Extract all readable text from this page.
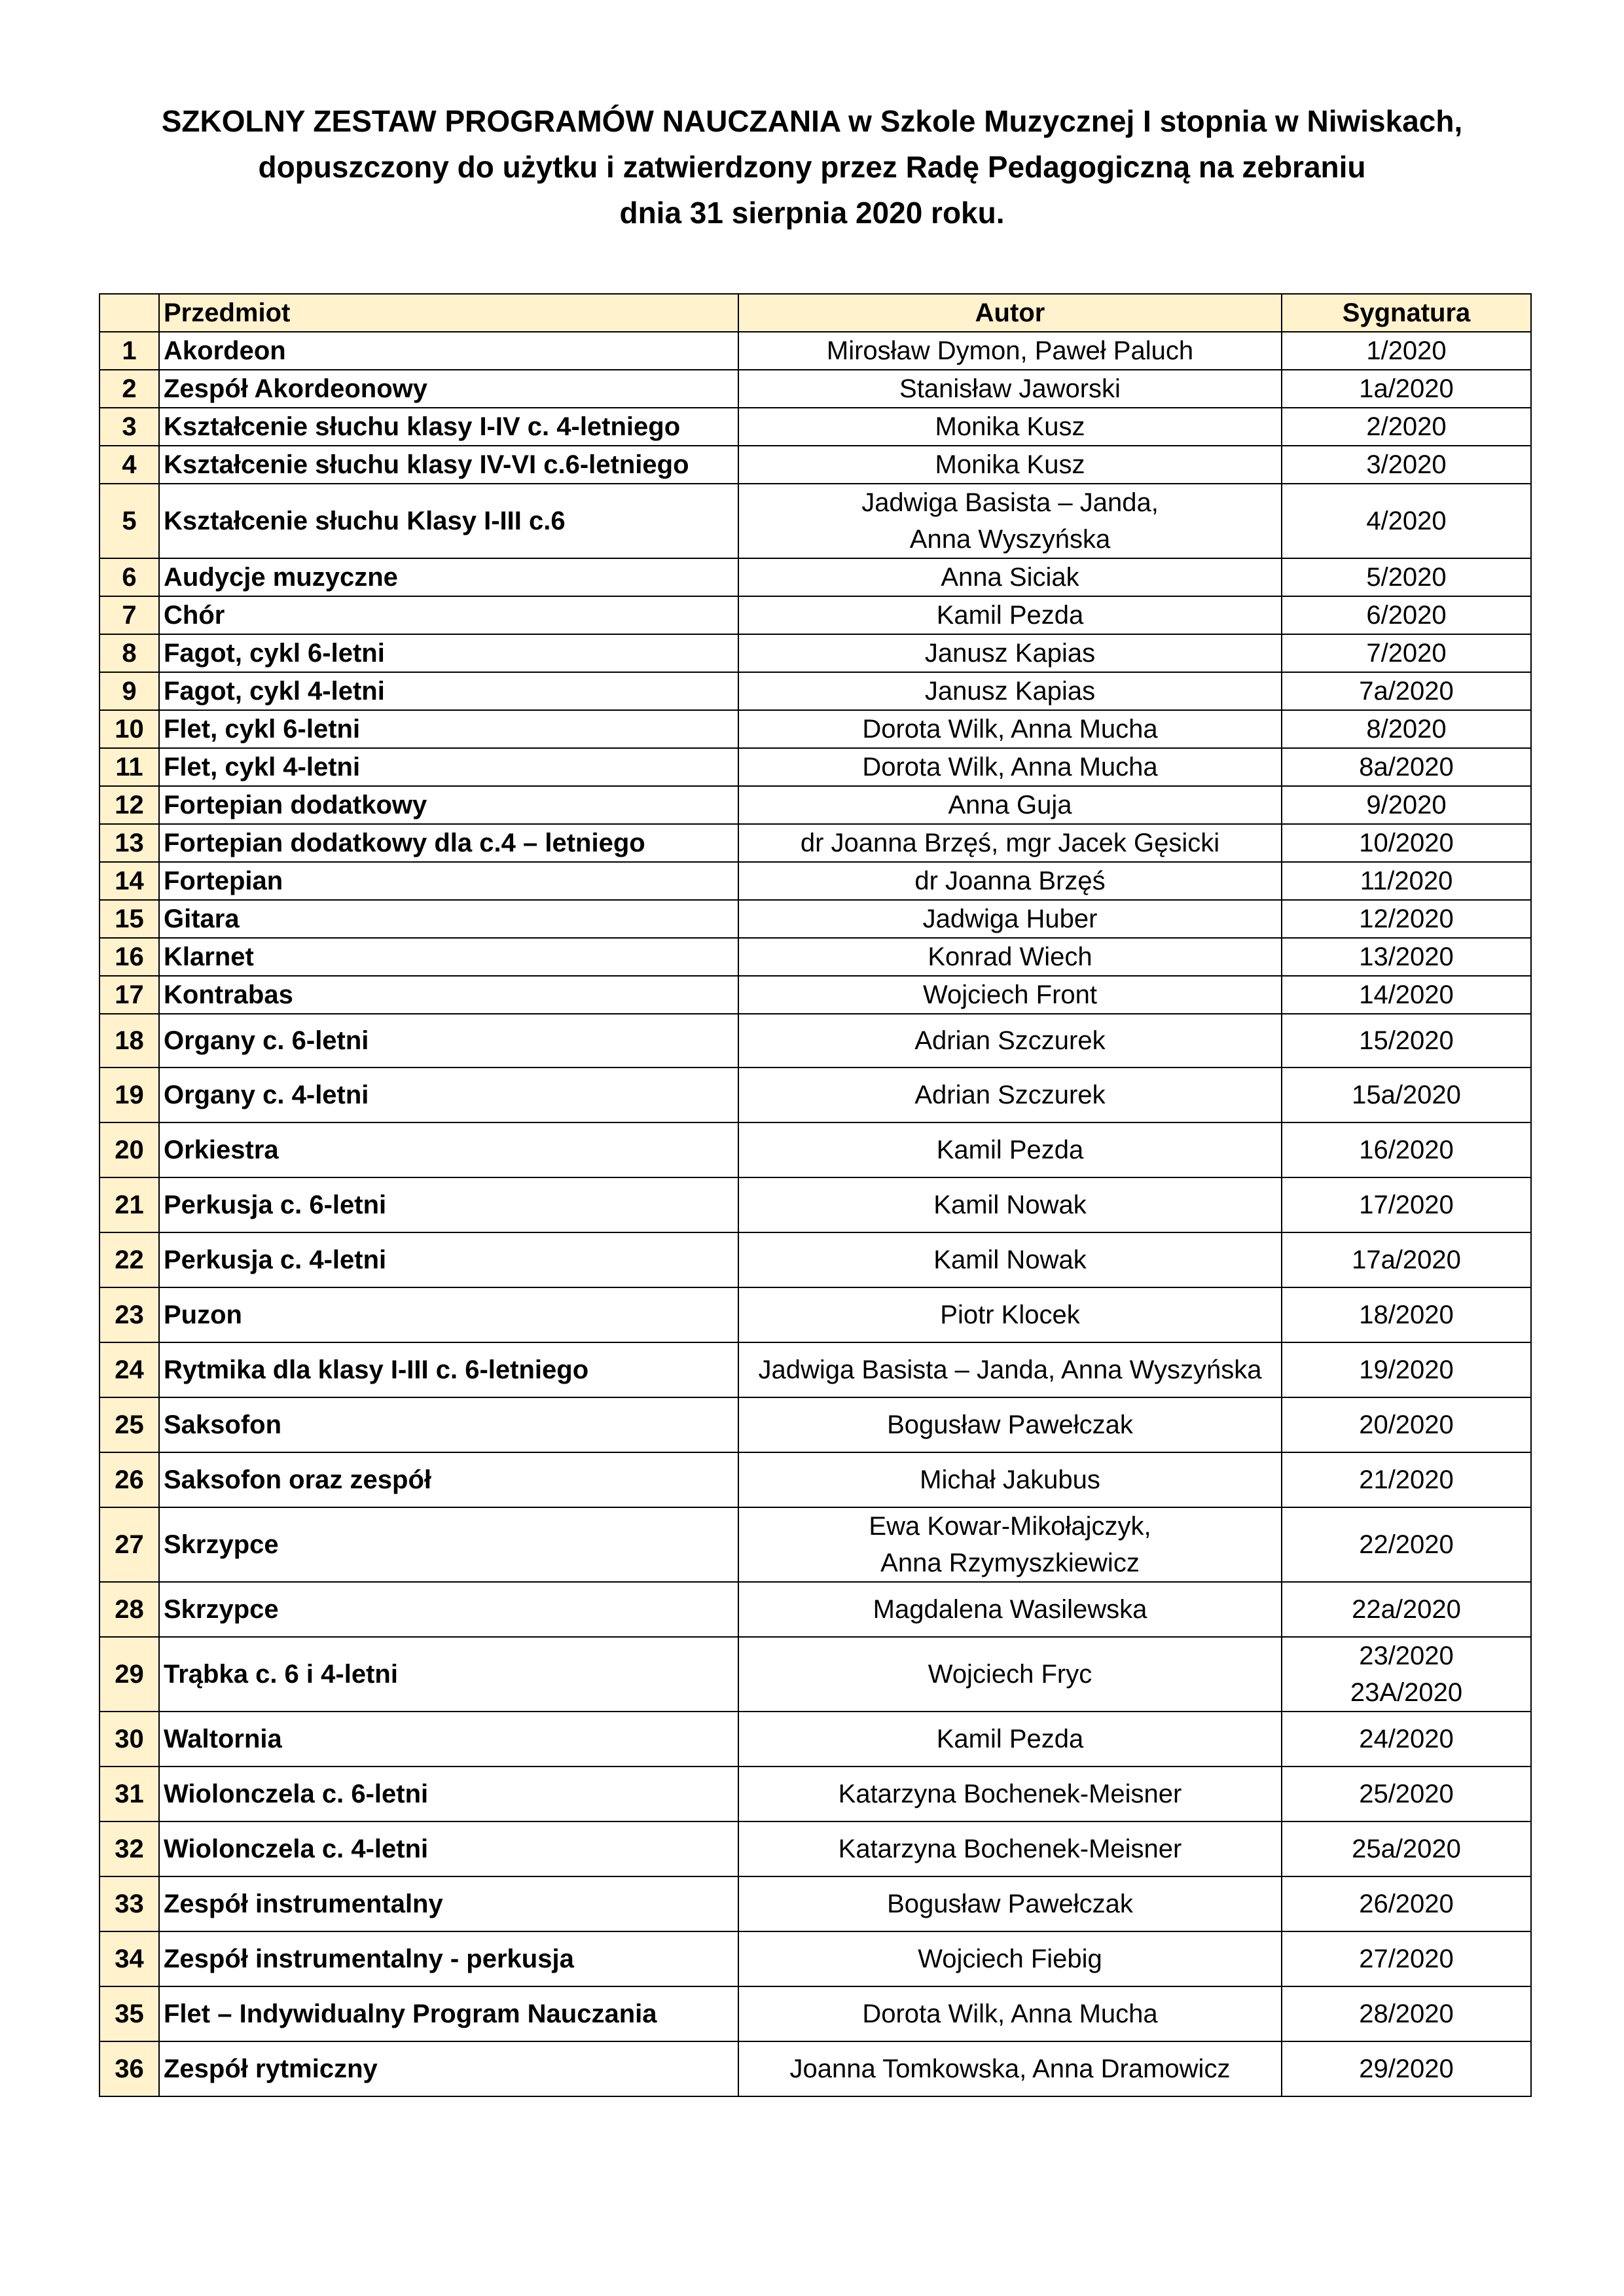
SZKOLNY ZESTAW PROGRAMÓW NAUCZANIA w Szkole Muzycznej I stopnia w Niwiskach,
dopuszczony do użytku i zatwierdzony przez Radę Pedagogiczną na zebraniu
dnia 31 sierpnia 2020 roku.
	Przedmiot	Autor	Sygnatura
1	Akordeon	Mirosław Dymon, Paweł Paluch	1/2020
2	Zespół Akordeonowy	Stanisław Jaworski	1a/2020
3	Kształcenie słuchu klasy I-IV c. 4-letniego	Monika Kusz	2/2020
4	Kształcenie słuchu klasy IV-VI c.6-letniego	Monika Kusz	3/2020
5	Kształcenie słuchu Klasy I-III c.6	Jadwiga Basista – Janda,
Anna Wyszyńska	4/2020
6	Audycje muzyczne	Anna Siciak	5/2020
7	Chór	Kamil Pezda	6/2020
8	Fagot, cykl 6-letni	Janusz Kapias	7/2020
9	Fagot, cykl 4-letni	Janusz Kapias	7a/2020
10	Flet, cykl 6-letni	Dorota Wilk, Anna Mucha	8/2020
11	Flet, cykl 4-letni	Dorota Wilk, Anna Mucha	8a/2020
12	Fortepian dodatkowy	Anna Guja	9/2020
13	Fortepian dodatkowy dla c.4 – letniego	dr Joanna Brzęś, mgr Jacek Gęsicki	10/2020
14	Fortepian	dr Joanna Brzęś	11/2020
15	Gitara	Jadwiga Huber	12/2020
16	Klarnet	Konrad Wiech	13/2020
17	Kontrabas	Wojciech Front	14/2020
18	Organy c. 6-letni	Adrian Szczurek	15/2020
19	Organy c. 4-letni	Adrian Szczurek	15a/2020
20	Orkiestra	Kamil Pezda	16/2020
21	Perkusja c. 6-letni	Kamil Nowak	17/2020
22	Perkusja c. 4-letni	Kamil Nowak	17a/2020
23	Puzon	Piotr Klocek	18/2020
24	Rytmika dla klasy I-III c. 6-letniego	Jadwiga Basista – Janda, Anna Wyszyńska	19/2020
25	Saksofon	Bogusław Pawełczak	20/2020
26	Saksofon oraz zespół	Michał Jakubus	21/2020
27	Skrzypce	Ewa Kowar-Mikołajczyk,
Anna Rzymyszkiewicz	22/2020
28	Skrzypce	Magdalena Wasilewska	22a/2020
29	Trąbka c. 6 i 4-letni	Wojciech Fryc	23/2020
23A/2020
30	Waltornia	Kamil Pezda	24/2020
31	Wiolonczela c. 6-letni	Katarzyna Bochenek-Meisner	25/2020
32	Wiolonczela c. 4-letni	Katarzyna Bochenek-Meisner	25a/2020
33	Zespół instrumentalny	Bogusław Pawełczak	26/2020
34	Zespół instrumentalny - perkusja	Wojciech Fiebig	27/2020
35	Flet – Indywidualny Program Nauczania	Dorota Wilk, Anna Mucha	28/2020
36	Zespół rytmiczny	Joanna Tomkowska, Anna Dramowicz	29/2020
